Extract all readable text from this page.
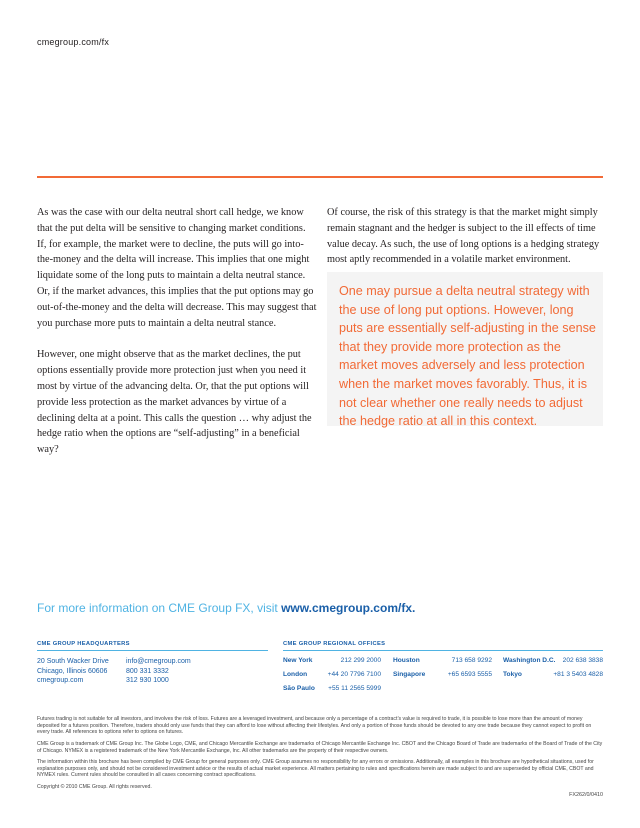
cmegroup.com/fx

As was the case with our delta neutral short call hedge, we know that the put delta will be sensitive to changing market conditions. If, for example, the market were to decline, the puts will go into-the-money and the delta will increase. This implies that one might liquidate some of the long puts to maintain a delta neutral stance. Or, if the market advances, this implies that the put options may go out-of-the-money and the delta will decrease. This may suggest that you purchase more puts to maintain a delta neutral stance.

However, one might observe that as the market declines, the put options essentially provide more protection just when you need it most by virtue of the advancing delta. Or, that the put options will provide less protection as the market advances by virtue of a declining delta at a point. This calls the question … why adjust the hedge ratio when the options are “self-adjusting” in a beneficial way?

Of course, the risk of this strategy is that the market might simply remain stagnant and the hedger is subject to the ill effects of time value decay. As such, the use of long options is a hedging strategy most aptly recommended in a volatile market environment.

One may pursue a delta neutral strategy with the use of long put options. However, long puts are essentially self-adjusting in the sense that they provide more protection as the market moves adversely and less protection when the market moves favorably. Thus, it is not clear whether one really needs to adjust the hedge ratio at all in this context.
For more information on CME Group FX, visit www.cmegroup.com/fx.
CME GROUP HEADQUARTERS	CME GROUP REGIONAL OFFICES
20 South Wacker Drive
Chicago, Illinois 60606
cmegroup.com
info@cmegroup.com
800 331 3332
312 930 1000
New York	212 299 2000 Houston	713 658 9292 Washington D.C.	202 638 3838
London	+44 20 7796 7100 Singapore	+65 6593 5555 Tokyo	+81 3 5403 4828
São Paulo	+55 11 2565 5999
Futures trading is not suitable for all investors, and involves the risk of loss. Futures are a leveraged investment, and because only a percentage of a contract’s value is required to trade, it is possible to lose more than the amount of money deposited for a futures position. Therefore, traders should only use funds that they can afford to lose without affecting their lifestyles. And only a portion of those funds should be devoted to any one trade because they cannot expect to profit on every trade. All references to options refer to options on futures.
CME Group is a trademark of CME Group Inc. The Globe Logo, CME, and Chicago Mercantile Exchange are trademarks of Chicago Mercantile Exchange Inc. CBOT and the Chicago Board of Trade are trademarks of the Board of Trade of the City of Chicago. NYMEX is a registered trademark of the New York Mercantile Exchange, Inc. All other trademarks are the property of their respective owners.
The information within this brochure has been compiled by CME Group for general purposes only. CME Group assumes no responsibility for any errors or omissions. Additionally, all examples in this brochure are hypothetical situations, used for explanation purposes only, and should not be considered investment advice or the results of actual market experience. All matters pertaining to rules and specifications herein are made subject to and are superseded by official CME, CBOT and NYMEX rules. Current rules should be consulted in all cases concerning contract specifications.
Copyright © 2010 CME Group. All rights reserved.
FX262/0/0410
